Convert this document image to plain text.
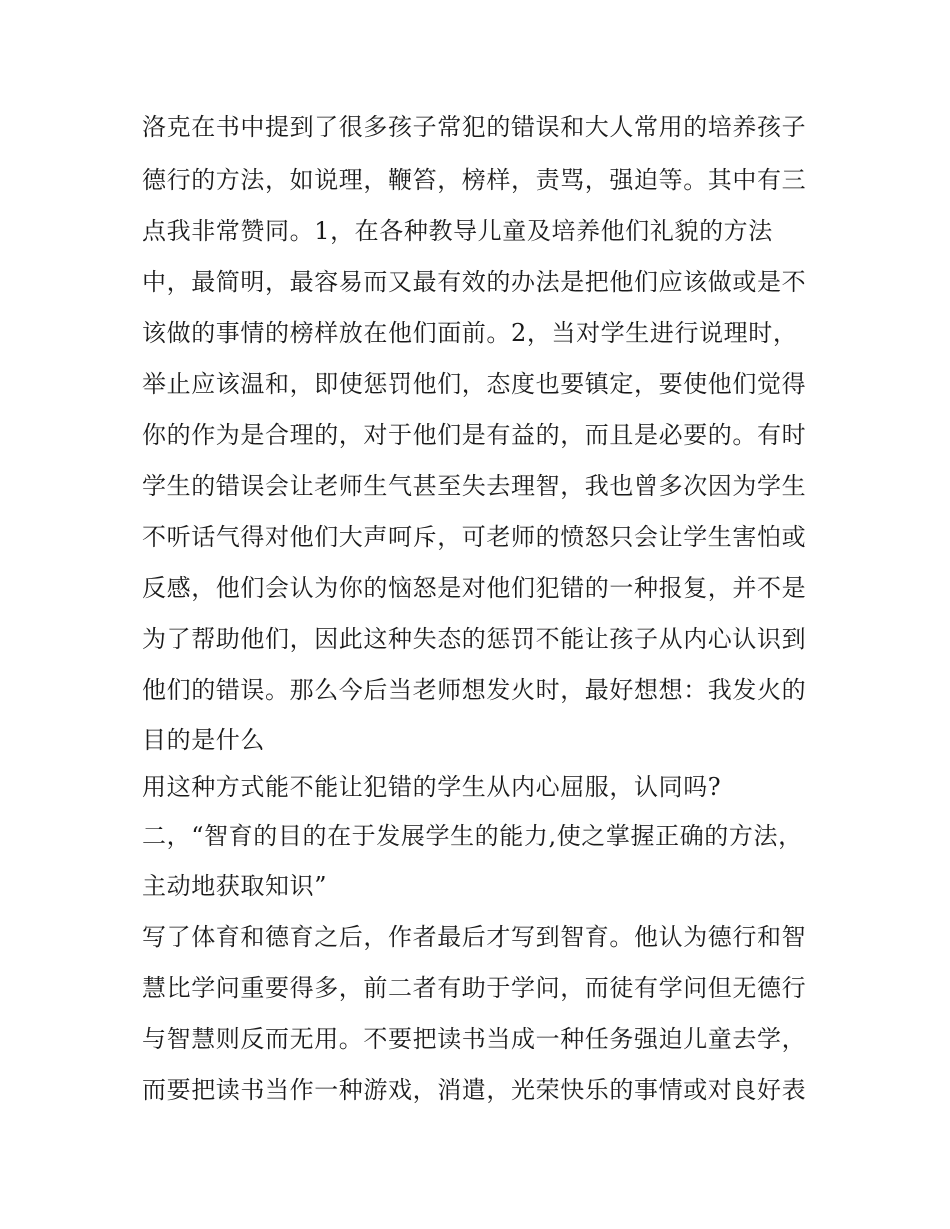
洛克在书中提到了很多孩子常犯的错误和大人常用的培养孩子
德行的方法，如说理，鞭笞，榜样，责骂，强迫等。其中有三
点我非常赞同。1，在各种教导儿童及培养他们礼貌的方法
中，最简明，最容易而又最有效的办法是把他们应该做或是不
该做的事情的榜样放在他们面前。2，当对学生进行说理时，
举止应该温和，即使惩罚他们，态度也要镇定，要使他们觉得
你的作为是合理的，对于他们是有益的，而且是必要的。有时
学生的错误会让老师生气甚至失去理智，我也曾多次因为学生
不听话气得对他们大声呵斥，可老师的愤怒只会让学生害怕或
反感，他们会认为你的恼怒是对他们犯错的一种报复，并不是
为了帮助他们，因此这种失态的惩罚不能让孩子从内心认识到
他们的错误。那么今后当老师想发火时，最好想想：我发火的
目的是什么
用这种方式能不能让犯错的学生从内心屈服，认同吗?
二，“智育的目的在于发展学生的能力,使之掌握正确的方法，
主动地获取知识”
写了体育和德育之后，作者最后才写到智育。他认为德行和智
慧比学问重要得多，前二者有助于学问，而徒有学问但无德行
与智慧则反而无用。不要把读书当成一种任务强迫儿童去学，
而要把读书当作一种游戏，消遣，光荣快乐的事情或对良好表
